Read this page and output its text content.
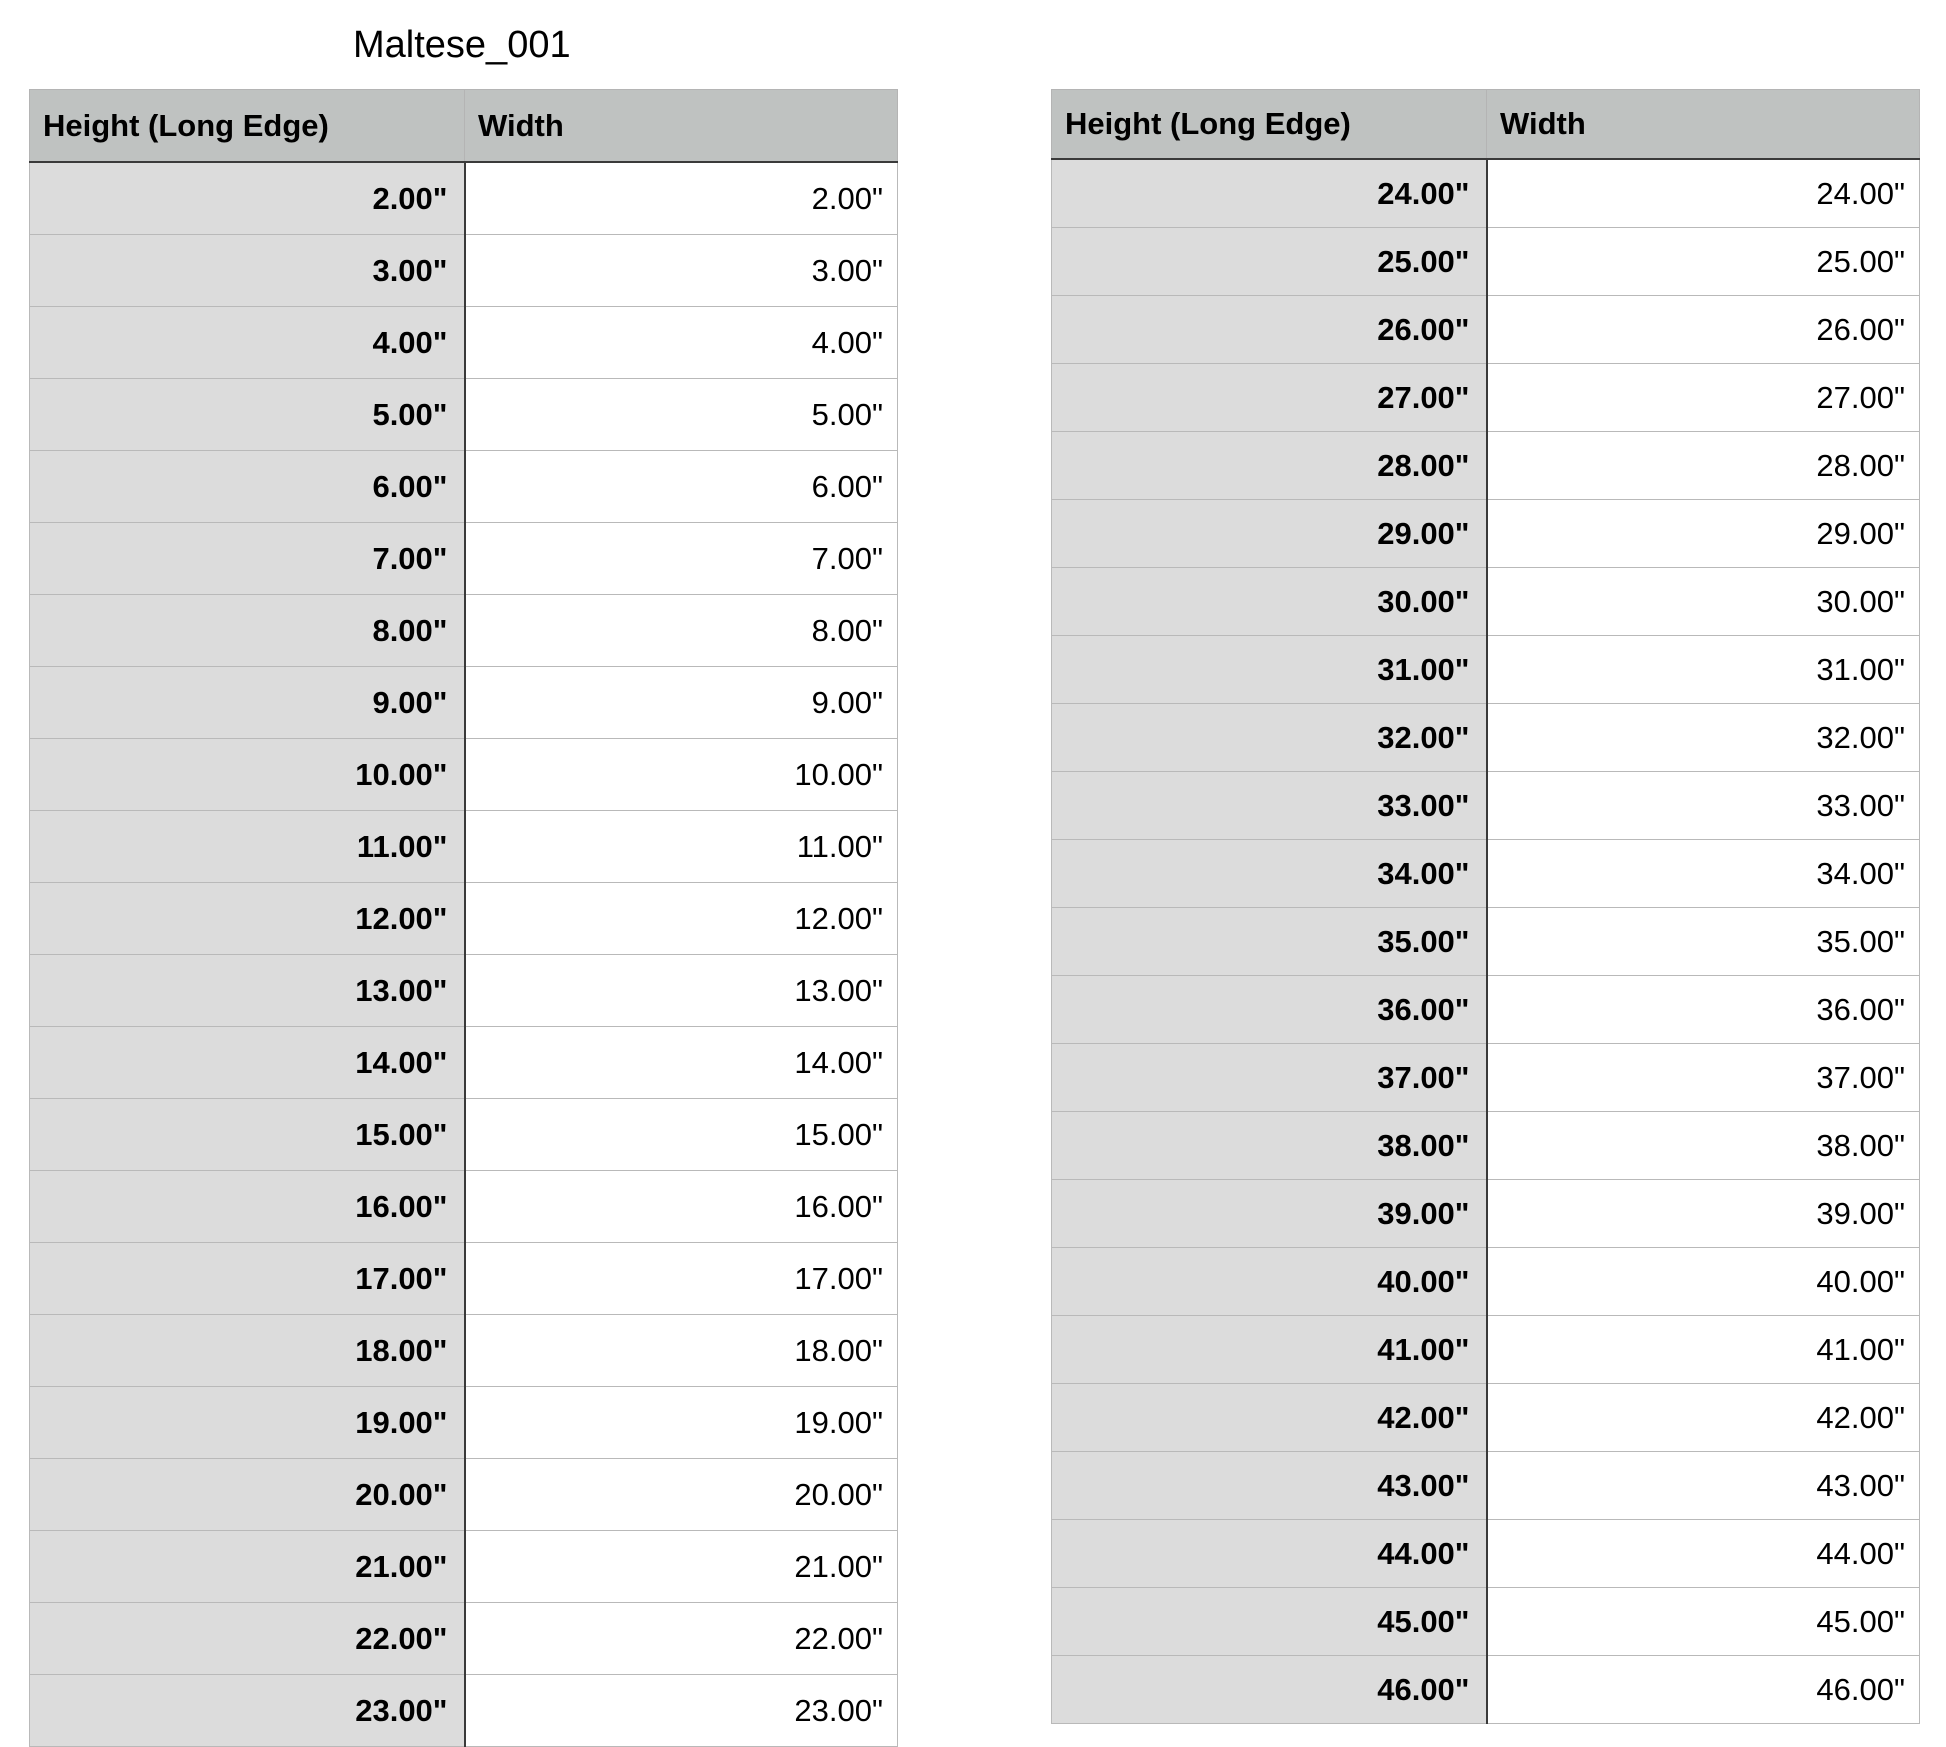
Maltese_001
Height (Long Edge)	Width
2.00"	2.00"
3.00"	3.00"
4.00"	4.00"
5.00"	5.00"
6.00"	6.00"
7.00"	7.00"
8.00"	8.00"
9.00"	9.00"
10.00"	10.00"
11.00"	11.00"
12.00"	12.00"
13.00"	13.00"
14.00"	14.00"
15.00"	15.00"
16.00"	16.00"
17.00"	17.00"
18.00"	18.00"
19.00"	19.00"
20.00"	20.00"
21.00"	21.00"
22.00"	22.00"
23.00"	23.00"
Height (Long Edge)	Width
24.00"	24.00"
25.00"	25.00"
26.00"	26.00"
27.00"	27.00"
28.00"	28.00"
29.00"	29.00"
30.00"	30.00"
31.00"	31.00"
32.00"	32.00"
33.00"	33.00"
34.00"	34.00"
35.00"	35.00"
36.00"	36.00"
37.00"	37.00"
38.00"	38.00"
39.00"	39.00"
40.00"	40.00"
41.00"	41.00"
42.00"	42.00"
43.00"	43.00"
44.00"	44.00"
45.00"	45.00"
46.00"	46.00"
